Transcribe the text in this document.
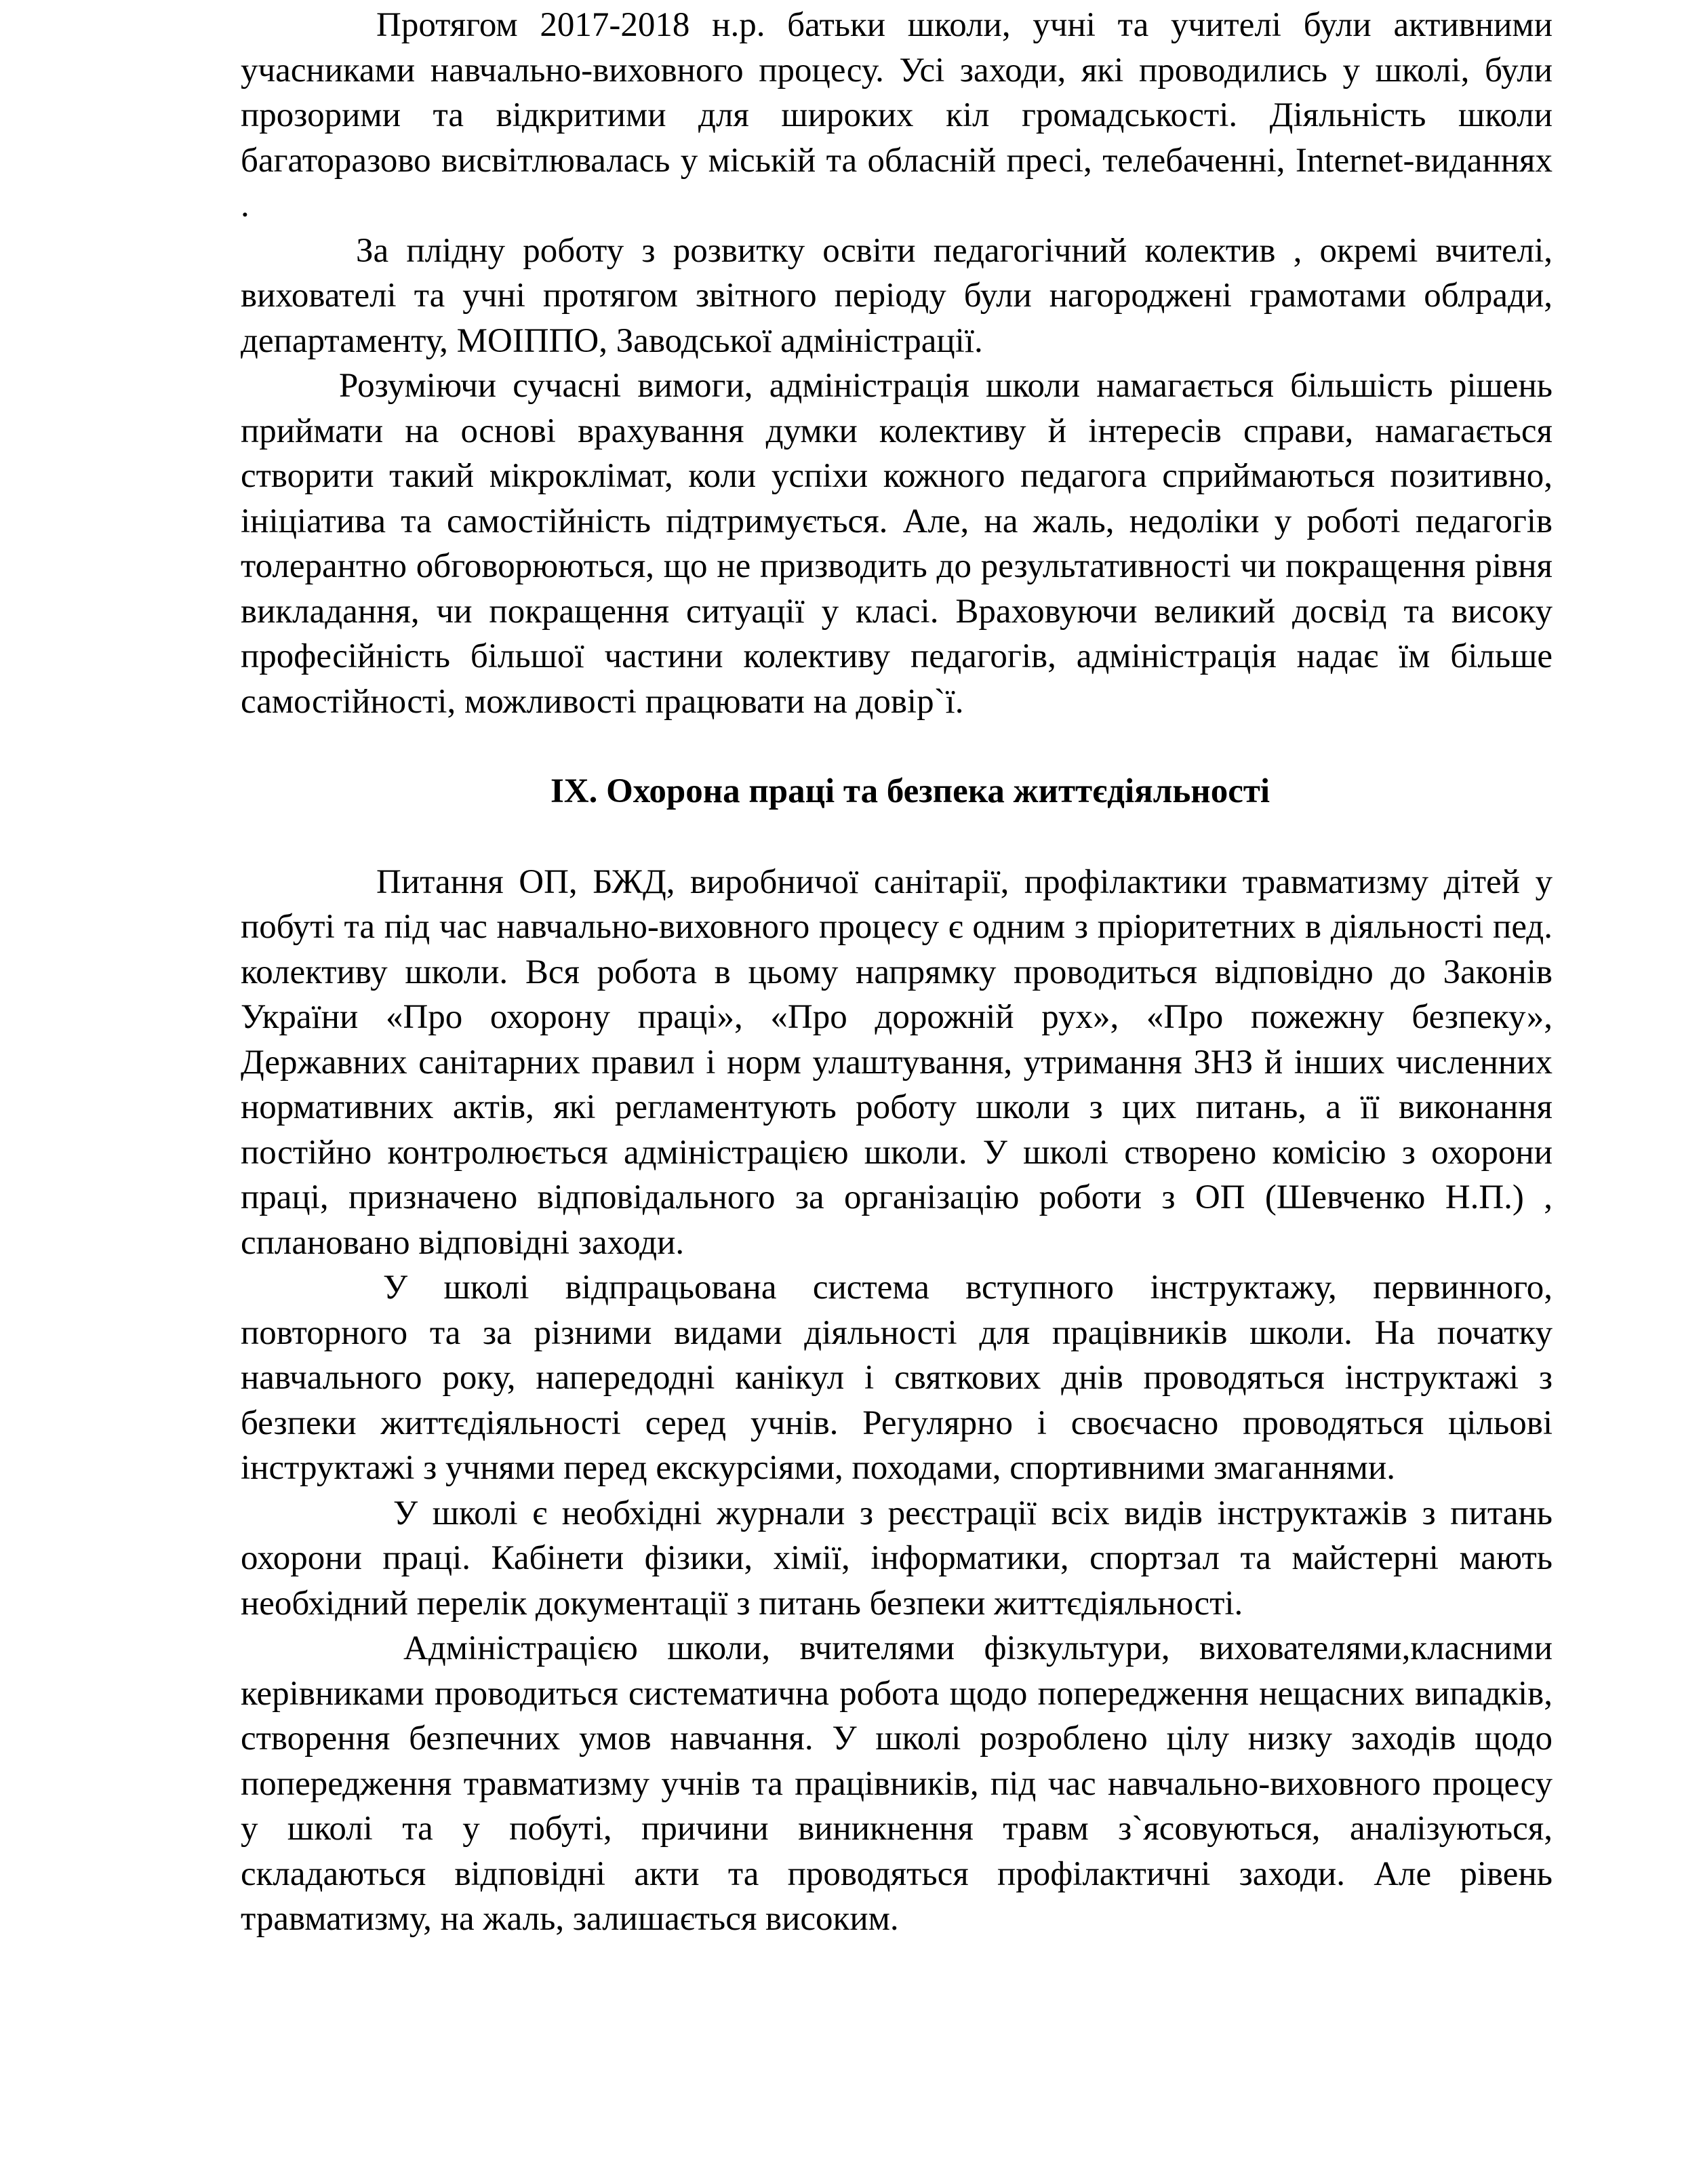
Протягом 2017-2018 н.р. батьки школи, учні та учителі були активними учасниками навчально-виховного процесу. Усі заходи, які проводились у школі, були прозорими та відкритими для широких кіл громадськості. Діяльність школи багаторазово висвітлювалась у міській та обласній пресі, телебаченні, Internet-виданнях .

За плідну роботу з розвитку освіти педагогічний колектив , окремі вчителі, вихователі та учні протягом звітного періоду були нагороджені грамотами облради, департаменту, МОІППО, Заводської адміністрації.

Розуміючи сучасні вимоги, адміністрація школи намагається більшість рішень приймати на основі врахування думки колективу й інтересів справи, намагається створити такий мікроклімат, коли успіхи кожного педагога сприймаються позитивно, ініціатива та самостійність підтримується. Але, на жаль, недоліки у роботі педагогів толерантно обговорюються, що не призводить до результативності чи покращення рівня викладання, чи покращення ситуації у класі. Враховуючи великий досвід та високу професійність більшої частини колективу педагогів, адміністрація надає їм більше самостійності, можливості працювати на довір`ї.

ІХ. Охорона праці та безпека життєдіяльності

Питання ОП, БЖД, виробничої санітарії, профілактики травматизму дітей у побуті та під час навчально-виховного процесу є одним з пріоритетних в діяльності пед. колективу школи. Вся робота в цьому напрямку проводиться відповідно до Законів України «Про охорону праці», «Про дорожній рух», «Про пожежну безпеку», Державних санітарних правил і норм улаштування, утримання ЗНЗ й інших численних нормативних актів, які регламентують роботу школи з цих питань, а її виконання постійно контролюється адміністрацією школи. У школі створено комісію з охорони праці, призначено відповідального за організацію роботи з ОП (Шевченко Н.П.) , сплановано відповідні заходи.

У школі відпрацьована система вступного інструктажу, первинного, повторного та за різними видами діяльності для працівників школи. На початку навчального року, напередодні канікул і святкових днів проводяться інструктажі з безпеки життєдіяльності серед учнів. Регулярно і своєчасно проводяться цільові інструктажі з учнями перед екскурсіями, походами, спортивними змаганнями.

У школі є необхідні журнали з реєстрації всіх видів інструктажів з питань охорони праці. Кабінети фізики, хімії, інформатики, спортзал та майстерні мають необхідний перелік документації з питань безпеки життєдіяльності.

Адміністрацією школи, вчителями фізкультури, вихователями,класними керівниками проводиться систематична робота щодо попередження нещасних випадків, створення безпечних умов навчання. У школі розроблено цілу низку заходів щодо попередження травматизму учнів та працівників, під час навчально-виховного процесу у школі та у побуті, причини виникнення травм з`ясовуються, аналізуються, складаються відповідні акти та проводяться профілактичні заходи. Але рівень травматизму, на жаль, залишається високим.
